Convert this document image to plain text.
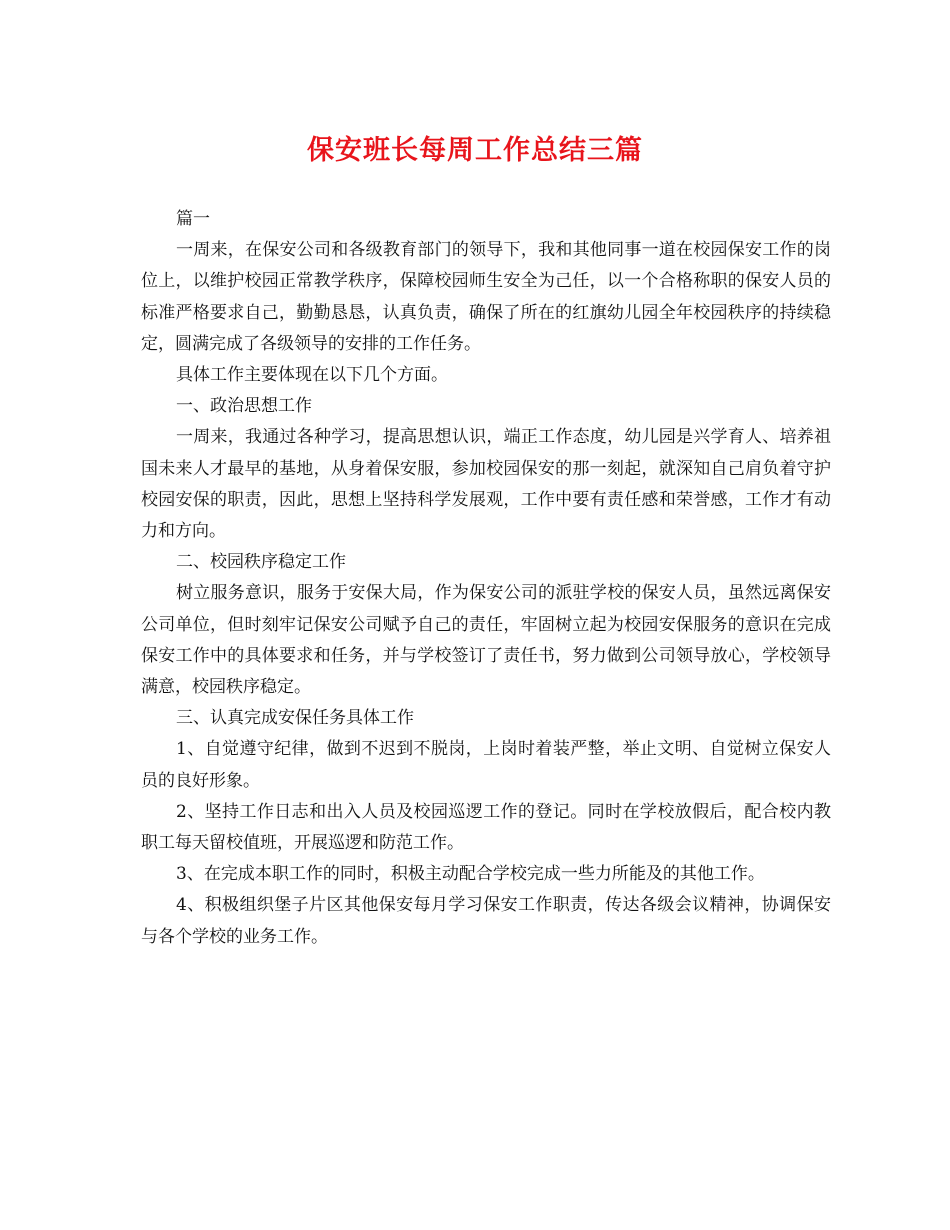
保安班长每周工作总结三篇

篇一

一周来，在保安公司和各级教育部门的领导下，我和其他同事一道在校园保安工作的岗位上，以维护校园正常教学秩序，保障校园师生安全为己任，以一个合格称职的保安人员的标准严格要求自己，勤勤恳恳，认真负责，确保了所在的红旗幼儿园全年校园秩序的持续稳定，圆满完成了各级领导的安排的工作任务。

具体工作主要体现在以下几个方面。

一、政治思想工作

一周来，我通过各种学习，提高思想认识，端正工作态度，幼儿园是兴学育人、培养祖国未来人才最早的基地，从身着保安服，参加校园保安的那一刻起，就深知自己肩负着守护校园安保的职责，因此，思想上坚持科学发展观，工作中要有责任感和荣誉感，工作才有动力和方向。

二、校园秩序稳定工作

树立服务意识，服务于安保大局，作为保安公司的派驻学校的保安人员，虽然远离保安公司单位，但时刻牢记保安公司赋予自己的责任，牢固树立起为校园安保服务的意识在完成保安工作中的具体要求和任务，并与学校签订了责任书，努力做到公司领导放心，学校领导满意，校园秩序稳定。

三、认真完成安保任务具体工作

1、自觉遵守纪律，做到不迟到不脱岗，上岗时着装严整，举止文明、自觉树立保安人员的良好形象。

2、坚持工作日志和出入人员及校园巡逻工作的登记。同时在学校放假后，配合校内教职工每天留校值班，开展巡逻和防范工作。

3、在完成本职工作的同时，积极主动配合学校完成一些力所能及的其他工作。

4、积极组织堡子片区其他保安每月学习保安工作职责，传达各级会议精神，协调保安与各个学校的业务工作。
